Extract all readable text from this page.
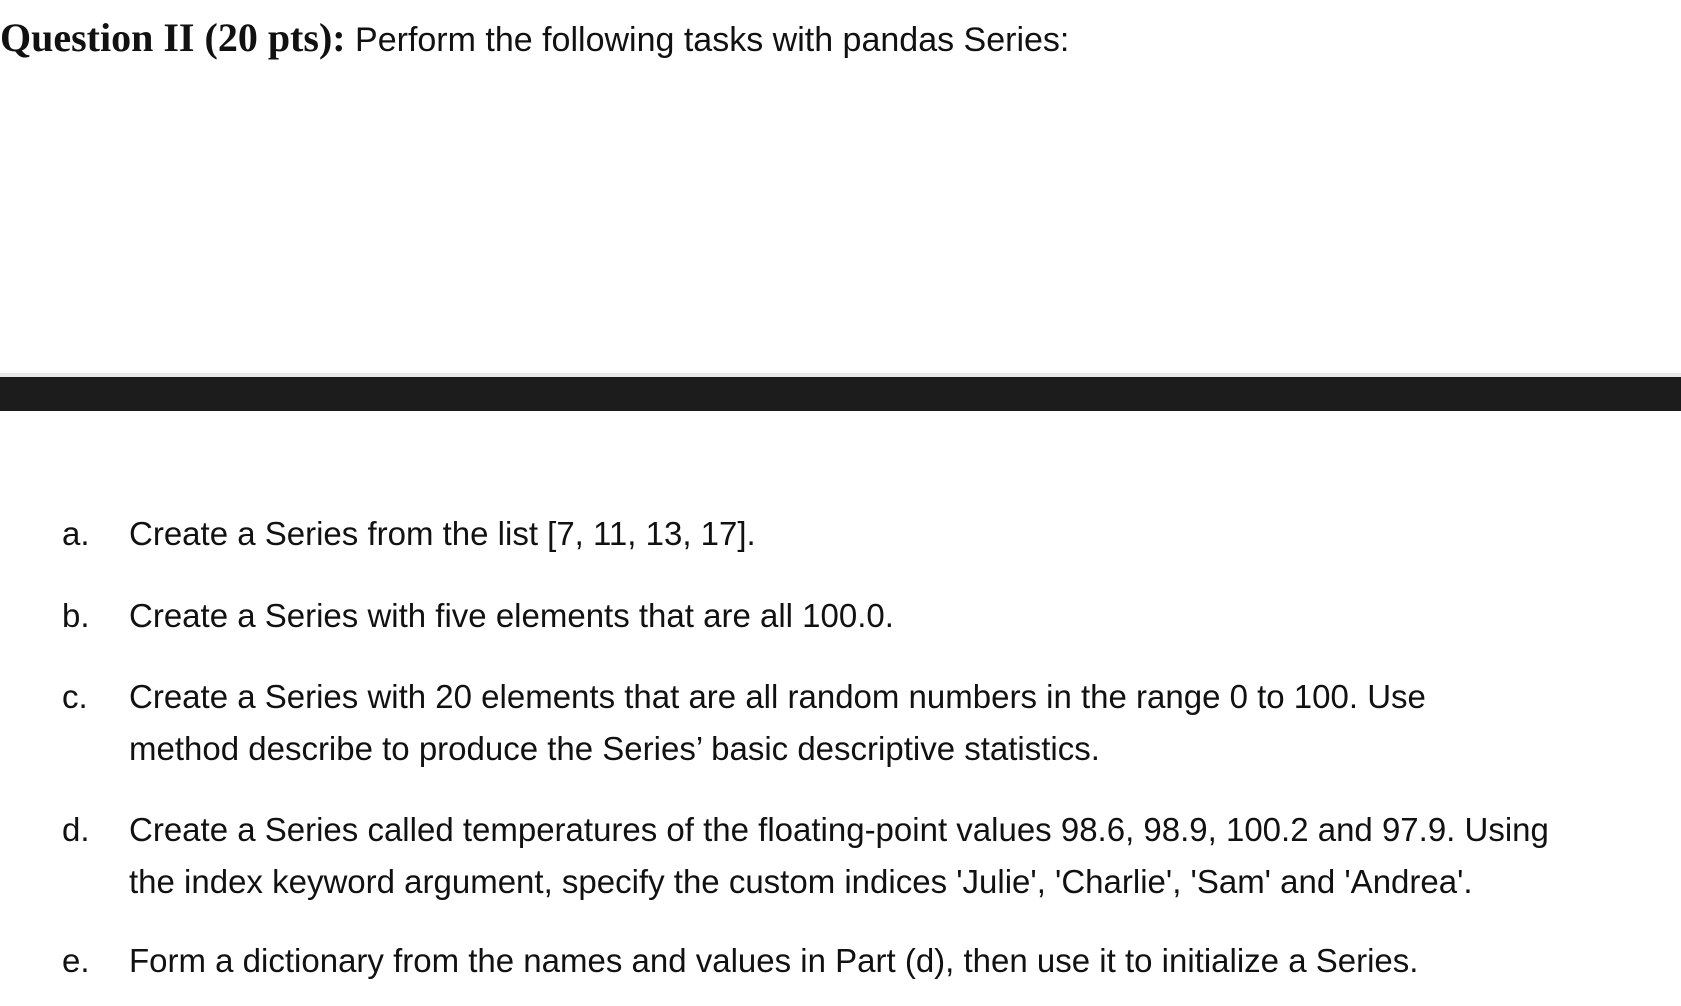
Question II (20 pts): Perform the following tasks with pandas Series:
a. Create a Series from the list [7, 11, 13, 17].
b. Create a Series with five elements that are all 100.0.
c. Create a Series with 20 elements that are all random numbers in the range 0 to 100. Use
method describe to produce the Series’ basic descriptive statistics.
d. Create a Series called temperatures of the floating-point values 98.6, 98.9, 100.2 and 97.9. Using
the index keyword argument, specify the custom indices 'Julie', 'Charlie', 'Sam' and 'Andrea'.
e. Form a dictionary from the names and values in Part (d), then use it to initialize a Series.
